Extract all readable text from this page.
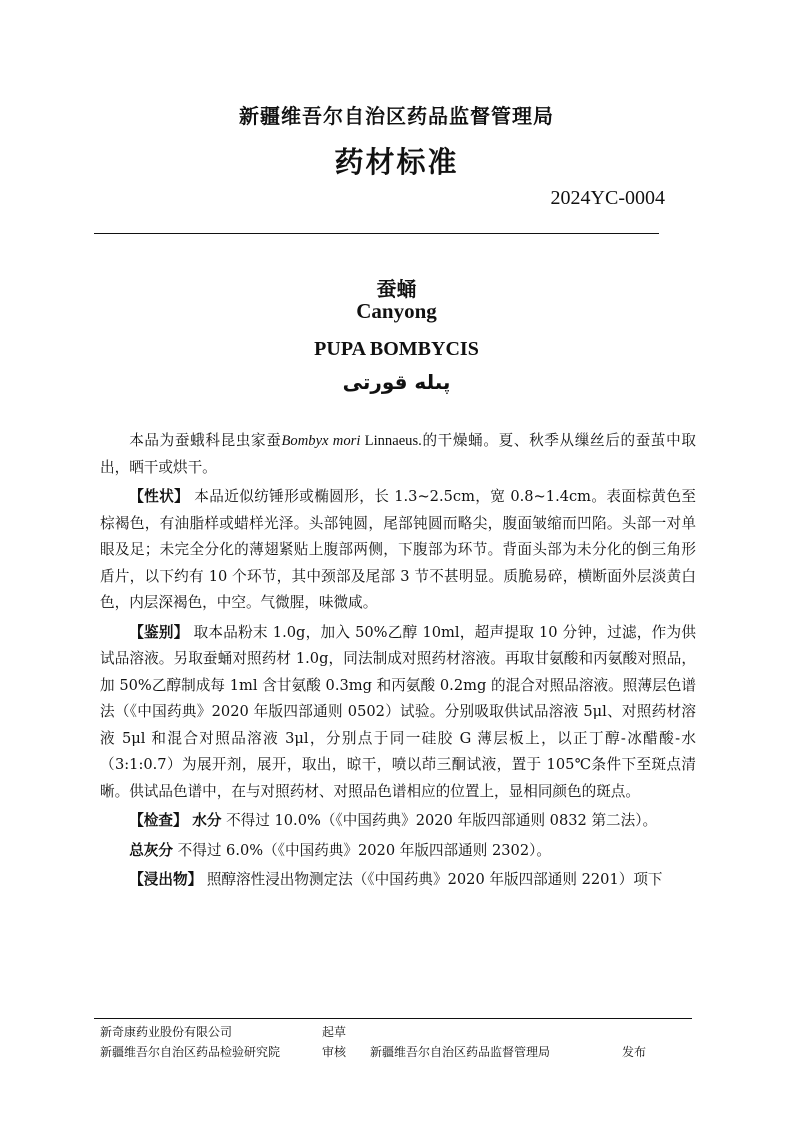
新疆维吾尔自治区药品监督管理局
药材标准
2024YC-0004
蚕蛹
Canyong
PUPA BOMBYCIS
پىلە قورتى

本品为蚕蛾科昆虫家蚕Bombyx mori Linnaeus.的干燥蛹。夏、秋季从缫丝后的蚕茧中取出，晒干或烘干。

【性状】 本品近似纺锤形或椭圆形，长 1.3~2.5cm，宽 0.8~1.4cm。表面棕黄色至棕褐色，有油脂样或蜡样光泽。头部钝圆，尾部钝圆而略尖，腹面皱缩而凹陷。头部一对单眼及足；未完全分化的薄翅紧贴上腹部两侧，下腹部为环节。背面头部为未分化的倒三角形盾片，以下约有 10 个环节，其中颈部及尾部 3 节不甚明显。质脆易碎，横断面外层淡黄白色，内层深褐色，中空。气微腥，味微咸。

【鉴别】 取本品粉末 1.0g，加入 50%乙醇 10ml，超声提取 10 分钟，过滤，作为供试品溶液。另取蚕蛹对照药材 1.0g，同法制成对照药材溶液。再取甘氨酸和丙氨酸对照品，加 50%乙醇制成每 1ml 含甘氨酸 0.3mg 和丙氨酸 0.2mg 的混合对照品溶液。照薄层色谱法（《中国药典》2020 年版四部通则 0502）试验。分别吸取供试品溶液 5μl、对照药材溶液 5μl 和混合对照品溶液 3μl，分别点于同一硅胶 G 薄层板上，以正丁醇-冰醋酸-水（3:1:0.7）为展开剂，展开，取出，晾干，喷以茚三酮试液，置于 105℃条件下至斑点清晰。供试品色谱中，在与对照药材、对照品色谱相应的位置上，显相同颜色的斑点。

【检查】 水分 不得过 10.0%（《中国药典》2020 年版四部通则 0832 第二法）。

总灰分 不得过 6.0%（《中国药典》2020 年版四部通则 2302）。

【浸出物】 照醇溶性浸出物测定法（《中国药典》2020 年版四部通则 2201）项下

新奇康药业股份有限公司	起草
新疆维吾尔自治区药品检验研究院	审核 新疆维吾尔自治区药品监督管理局	发布
